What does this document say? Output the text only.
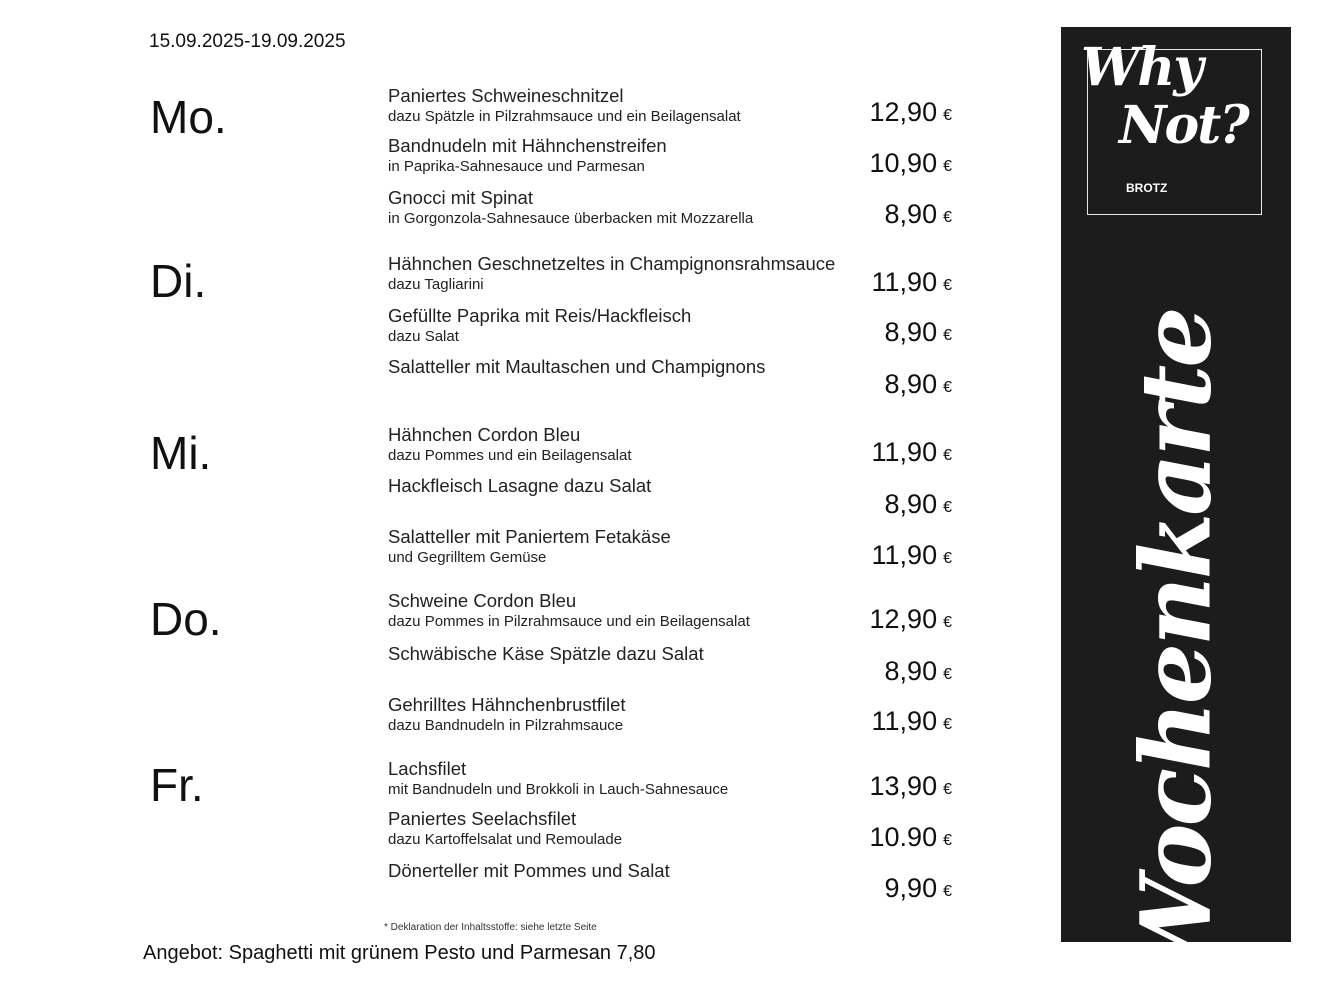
15.09.2025-19.09.2025
Mo.	Paniertes Schweineschnitzel
dazu Spätzle in Pilzrahmsauce und ein Beilagensalat	12,90 €
Bandnudeln mit Hähnchenstreifen
in Paprika-Sahnesauce und Parmesan	10,90 €
Gnocci mit Spinat
in Gorgonzola-Sahnesauce überbacken mit Mozzarella	8,90 €
Di.	Hähnchen Geschnetzeltes in Champignonsrahmsauce
dazu Tagliarini	11,90 €
Gefüllte Paprika mit Reis/Hackfleisch
dazu Salat	8,90 €
Salatteller mit Maultaschen und Champignons
8,90 €
Mi.	Hähnchen Cordon Bleu
dazu Pommes und ein Beilagensalat	11,90 €
Hackfleisch Lasagne dazu Salat
8,90 €
Salatteller mit Paniertem Fetakäse
und Gegrilltem Gemüse	11,90 €
Do.	Schweine Cordon Bleu
dazu Pommes in Pilzrahmsauce und ein Beilagensalat	12,90 €
Schwäbische Käse Spätzle dazu Salat
8,90 €
Gehrilltes Hähnchenbrustfilet
dazu Bandnudeln in Pilzrahmsauce	11,90 €
Fr.	Lachsfilet
mit Bandnudeln und Brokkoli in Lauch-Sahnesauce	13,90 €
Paniertes Seelachsfilet
dazu Kartoffelsalat und Remoulade	10.90 €
Dönerteller mit Pommes und Salat
9,90 €
* Deklaration der Inhaltsstoffe: siehe letzte Seite
Angebot: Spaghetti mit grünem Pesto und Parmesan 7,80
Why
Not?
BROTZ
Wochenkarte
